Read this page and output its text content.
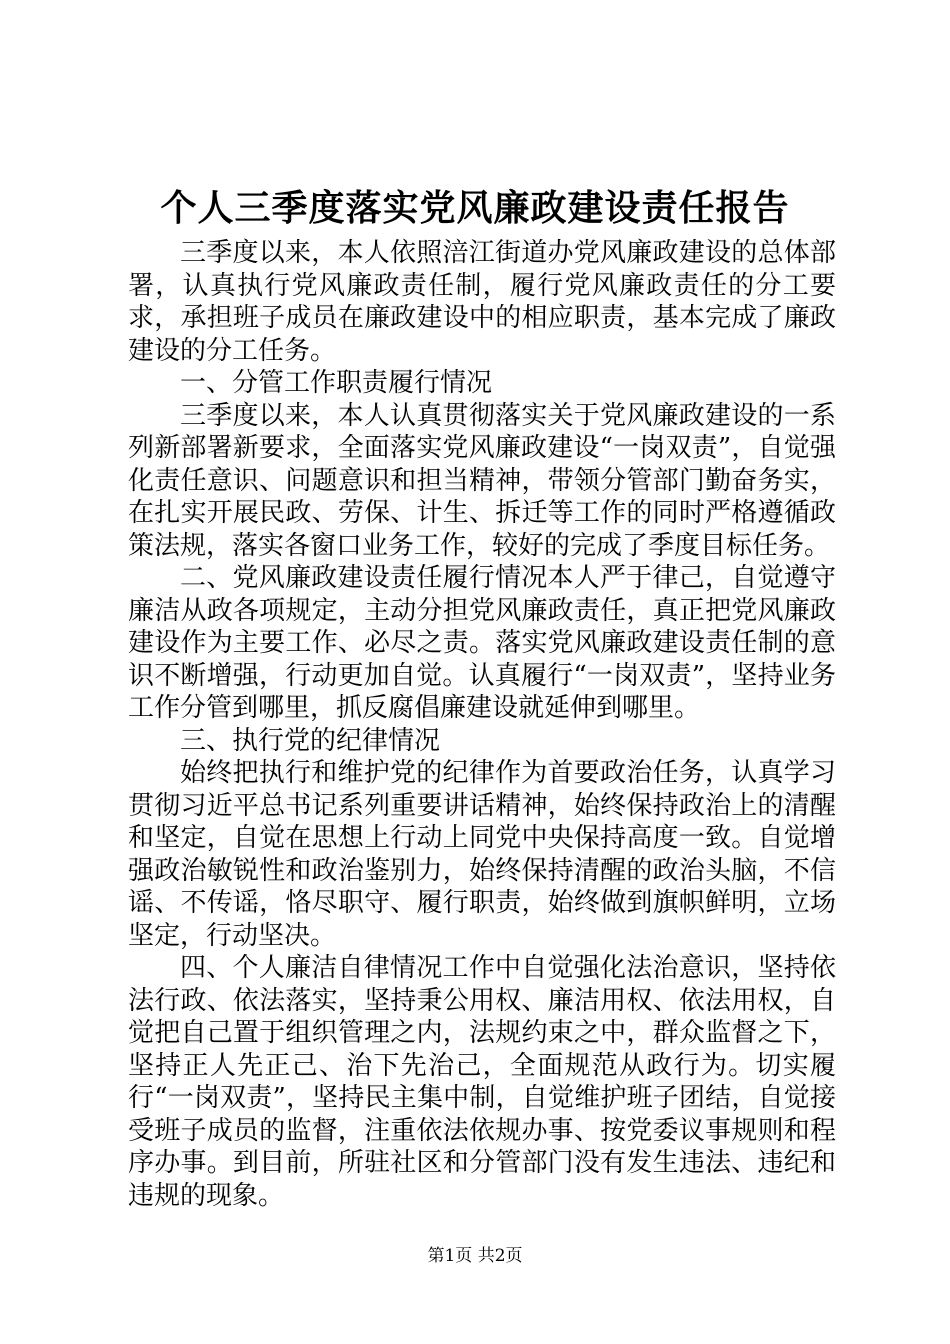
个人三季度落实党风廉政建设责任报告

三季度以来，本人依照涪江街道办党风廉政建设的总体部署，认真执行党风廉政责任制，履行党风廉政责任的分工要求，承担班子成员在廉政建设中的相应职责，基本完成了廉政建设的分工任务。

一、分管工作职责履行情况

三季度以来，本人认真贯彻落实关于党风廉政建设的一系列新部署新要求，全面落实党风廉政建设“一岗双责”，自觉强化责任意识、问题意识和担当精神，带领分管部门勤奋务实，在扎实开展民政、劳保、计生、拆迁等工作的同时严格遵循政策法规，落实各窗口业务工作，较好的完成了季度目标任务。

二、党风廉政建设责任履行情况本人严于律己，自觉遵守廉洁从政各项规定，主动分担党风廉政责任，真正把党风廉政建设作为主要工作、必尽之责。落实党风廉政建设责任制的意识不断增强，行动更加自觉。认真履行“一岗双责”，坚持业务工作分管到哪里，抓反腐倡廉建设就延伸到哪里。

三、执行党的纪律情况

始终把执行和维护党的纪律作为首要政治任务，认真学习贯彻习近平总书记系列重要讲话精神，始终保持政治上的清醒和坚定，自觉在思想上行动上同党中央保持高度一致。自觉增强政治敏锐性和政治鉴别力，始终保持清醒的政治头脑，不信谣、不传谣，恪尽职守、履行职责，始终做到旗帜鲜明，立场坚定，行动坚决。

四、个人廉洁自律情况工作中自觉强化法治意识，坚持依法行政、依法落实，坚持秉公用权、廉洁用权、依法用权，自觉把自己置于组织管理之内，法规约束之中，群众监督之下，坚持正人先正己、治下先治己，全面规范从政行为。切实履行“一岗双责”，坚持民主集中制，自觉维护班子团结，自觉接受班子成员的监督，注重依法依规办事、按党委议事规则和程序办事。到目前，所驻社区和分管部门没有发生违法、违纪和违规的现象。

第1页 共2页
